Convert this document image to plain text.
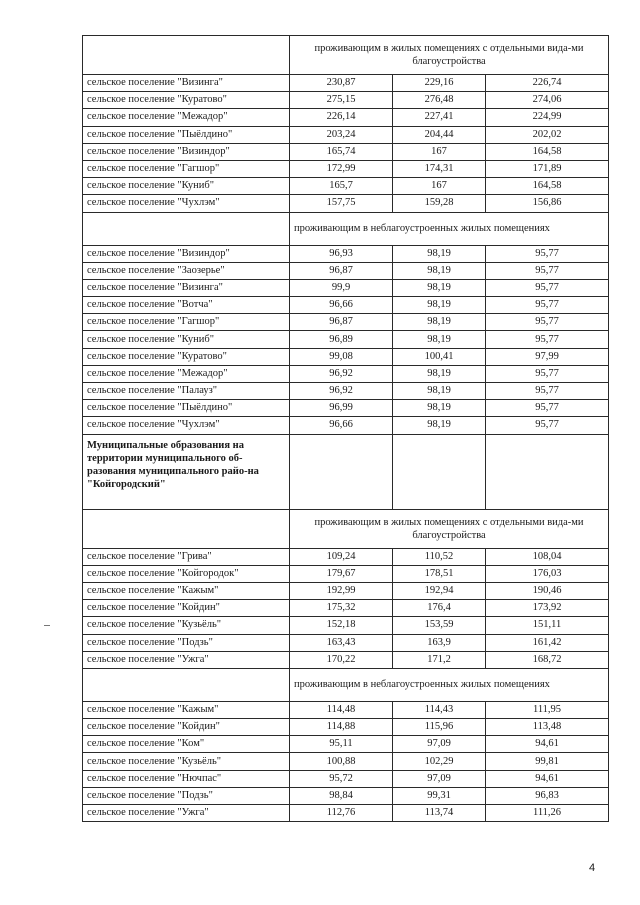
	проживающим в жилых помещениях с отдельными вида-ми благоустройства		
сельское поселение "Визинга"	230,87	229,16	226,74
сельское поселение "Куратово"	275,15	276,48	274,06
сельское поселение "Межадор"	226,14	227,41	224,99
сельское поселение "Пыёлдино"	203,24	204,44	202,02
сельское поселение "Визиндор"	165,74	167	164,58
сельское поселение "Гагшор"	172,99	174,31	171,89
сельское поселение "Куниб"	165,7	167	164,58
сельское поселение "Чухлэм"	157,75	159,28	156,86
	проживающим в неблагоустроенных жилых помещениях		
сельское поселение "Визиндор"	96,93	98,19	95,77
сельское поселение "Заозерье"	96,87	98,19	95,77
сельское поселение "Визинга"	99,9	98,19	95,77
сельское поселение "Вотча"	96,66	98,19	95,77
сельское поселение "Гагшор"	96,87	98,19	95,77
сельское поселение "Куниб"	96,89	98,19	95,77
сельское поселение "Куратово"	99,08	100,41	97,99
сельское поселение "Межадор"	96,92	98,19	95,77
сельское поселение "Палауз"	96,92	98,19	95,77
сельское поселение "Пыёлдино"	96,99	98,19	95,77
сельское поселение "Чухлэм"	96,66	98,19	95,77
Муниципальные образования на территории муниципального об-разования муниципального райо-на "Койгородский"			
	проживающим в жилых помещениях с отдельными вида-ми благоустройства		
сельское поселение "Грива"	109,24	110,52	108,04
сельское поселение "Койгородок"	179,67	178,51	176,03
сельское поселение "Кажым"	192,99	192,94	190,46
сельское поселение "Койдин"	175,32	176,4	173,92
сельское поселение "Кузьёль"	152,18	153,59	151,11
сельское поселение "Подзь"	163,43	163,9	161,42
сельское поселение "Ужга"	170,22	171,2	168,72
	проживающим в неблагоустроенных жилых помещениях		
сельское поселение "Кажым"	114,48	114,43	111,95
сельское поселение "Койдин"	114,88	115,96	113,48
сельское поселение "Ком"	95,11	97,09	94,61
сельское поселение "Кузьёль"	100,88	102,29	99,81
сельское поселение "Нючпас"	95,72	97,09	94,61
сельское поселение "Подзь"	98,84	99,31	96,83
сельское поселение "Ужга"	112,76	113,74	111,26
4
